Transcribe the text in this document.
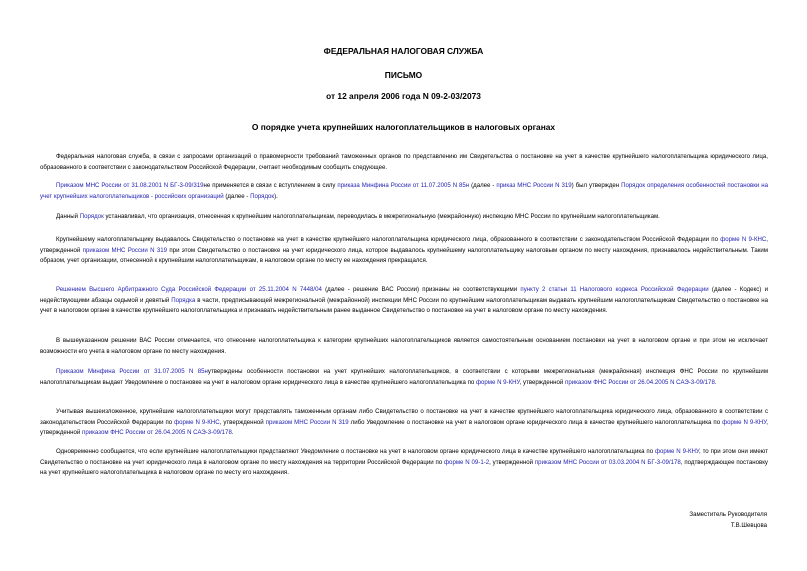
ФЕДЕРАЛЬНАЯ НАЛОГОВАЯ СЛУЖБА
ПИСЬМО
от 12 апреля 2006 года N 09-2-03/2073
О порядке учета крупнейших налогоплательщиков в налоговых органах
Федеральная налоговая служба, в связи с запросами организаций о правомерности требований таможенных органов по представлению им Свидетельства о постановке на учет в качестве крупнейшего налогоплательщика юридического лица, образованного в соответствии с законодательством Российской Федерации, считает необходимым сообщить следующее.
Приказом МНС России от 31.08.2001 N БГ-3-09/319не применяется в связи с вступлением в силу приказа Минфина России от 11.07.2005 N 85н (далее - приказ МНС России N 319) был утвержден Порядок определения особенностей постановки на учет крупнейших налогоплательщиков - российских организаций (далее - Порядок).
Данный Порядок устанавливал, что организация, отнесенная к крупнейшим налогоплательщикам, переводилась в межрегиональную (межрайонную) инспекцию МНС России по крупнейшим налогоплательщикам.
Крупнейшему налогоплательщику выдавалось Свидетельство о постановке на учет в качестве крупнейшего налогоплательщика юридического лица, образованного в соответствии с законодательством Российской Федерации по форме N 9-КНС, утвержденной приказом МНС России N 319 при этом Свидетельство о постановке на учет юридического лица, которое выдавалось крупнейшему налогоплательщику налоговым органом по месту нахождения, признавалось недействительным. Таким образом, учет организации, отнесенной к крупнейшим налогоплательщикам, в налоговом органе по месту ее нахождения прекращался.
Решением Высшего Арбитражного Суда Российской Федерации от 25.11.2004 N 7448/04 (далее - решение ВАС России) признаны не соответствующими пункту 2 статьи 11 Налогового кодекса Российской Федерации (далее - Кодекс) и недействующими абзацы седьмой и девятый Порядка в части, предписывающей межрегиональной (межрайонной) инспекции МНС России по крупнейшим налогоплательщикам выдавать крупнейшим налогоплательщикам Свидетельство о постановке на учет в налоговом органе в качестве крупнейшего налогоплательщика и признавать недействительным ранее выданное Свидетельство о постановке на учет в налоговом органе по месту нахождения.
В вышеуказанном решении ВАС России отмечается, что отнесение налогоплательщика к категории крупнейших налогоплательщиков является самостоятельным основанием постановки на учет в налоговом органе и при этом не исключает возможности его учета в налоговом органе по месту нахождения.
Приказом Минфина России от 31.07.2005 N 85нутверждены особенности постановки на учет крупнейших налогоплательщиков, в соответствии с которыми межрегиональная (межрайонная) инспекция ФНС России по крупнейшим налогоплательщикам выдает Уведомление о постановке на учет в налоговом органе юридического лица в качестве крупнейшего налогоплательщика по форме N 9-КНУ, утвержденной приказом ФНС России от 26.04.2005 N САЭ-3-09/178.
Учитывая вышеизложенное, крупнейшие налогоплательщики могут представлять таможенным органам либо Свидетельство о постановке на учет в качестве крупнейшего налогоплательщика юридического лица, образованного в соответствии с законодательством Российской Федерации по форме N 9-КНС, утвержденной приказом МНС России N 319 либо Уведомление о постановке на учет в налоговом органе юридического лица в качестве крупнейшего налогоплательщика по форме N 9-КНУ, утвержденной приказом ФНС России от 26.04.2005 N САЭ-3-09/178.
Одновременно сообщается, что если крупнейшие налогоплательщики представляют Уведомление о постановке на учет в налоговом органе юридического лица в качестве крупнейшего налогоплательщика по форме N 9-КНУ, то при этом они имеют Свидетельство о постановке на учет юридического лица в налоговом органе по месту нахождения на территории Российской Федерации по форме N 09-1-2, утвержденной приказом МНС России от 03.03.2004 N БГ-3-09/178, подтверждающее постановку на учет крупнейшего налогоплательщика в налоговом органе по месту его нахождения.
Заместитель Руководителя
Т.В.Шевцова
